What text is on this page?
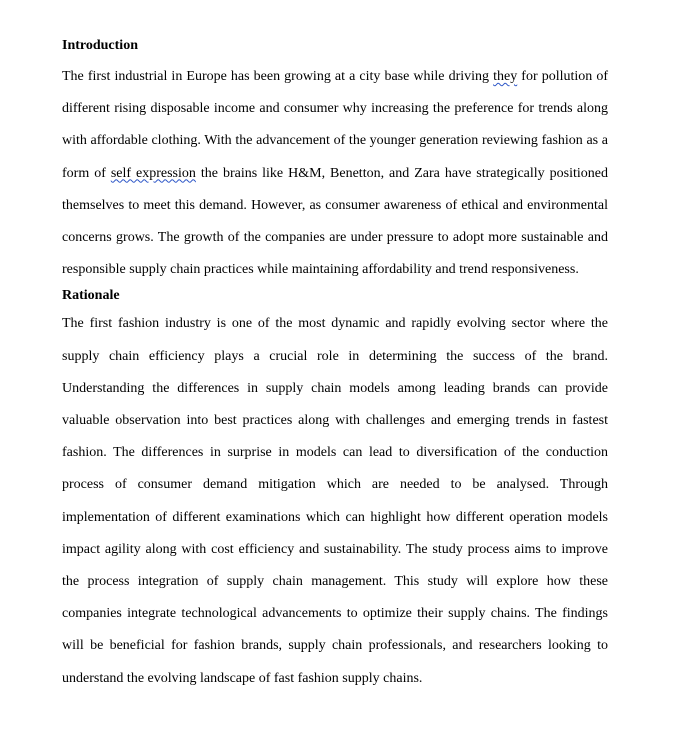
Introduction

The first industrial in Europe has been growing at a city base while driving they for pollution of different rising disposable income and consumer why increasing the preference for trends along with affordable clothing. With the advancement of the younger generation reviewing fashion as a form of self expression the brains like H&M, Benetton, and Zara have strategically positioned themselves to meet this demand. However, as consumer awareness of ethical and environmental concerns grows. The growth of the companies are under pressure to adopt more sustainable and responsible supply chain practices while maintaining affordability and trend responsiveness.

Rationale

The first fashion industry is one of the most dynamic and rapidly evolving sector where the supply chain efficiency plays a crucial role in determining the success of the brand. Understanding the differences in supply chain models among leading brands can provide valuable observation into best practices along with challenges and emerging trends in fastest fashion. The differences in surprise in models can lead to diversification of the conduction process of consumer demand mitigation which are needed to be analysed. Through implementation of different examinations which can highlight how different operation models impact agility along with cost efficiency and sustainability. The study process aims to improve the process integration of supply chain management. This study will explore how these companies integrate technological advancements to optimize their supply chains. The findings will be beneficial for fashion brands, supply chain professionals, and researchers looking to understand the evolving landscape of fast fashion supply chains.
